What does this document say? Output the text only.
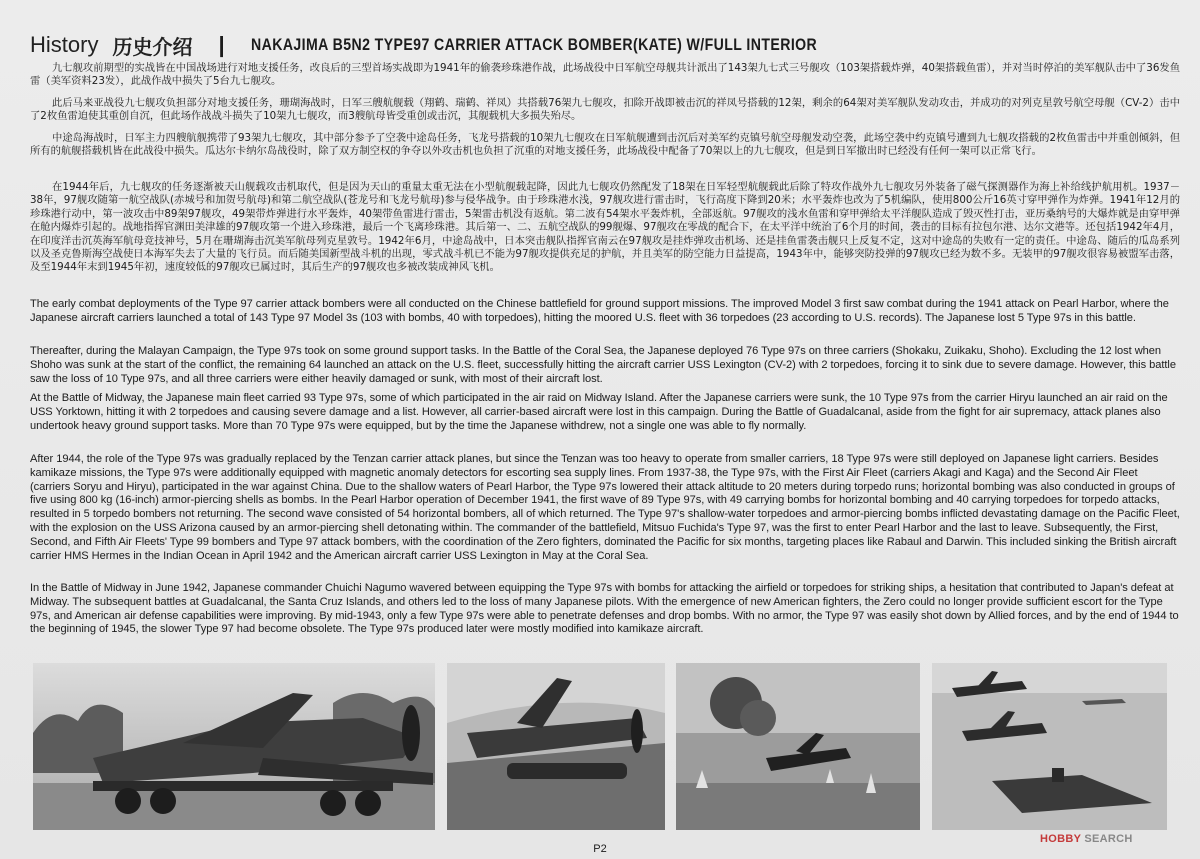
History 历史介绍 | NAKAJIMA B5N2 TYPE97 CARRIER ATTACK BOMBER(KATE) W/FULL INTERIOR

九七舰攻前期型的实战皆在中国战场进行对地支援任务，改良后的三型首场实战即为1941年的偷袭珍珠港作战，此场战役中日军航空母舰共计派出了143架九七式三号舰攻（103架搭载炸弹，40架搭载鱼雷），并对当时停泊的美军舰队击中了36发鱼雷（美军资料23发），此战作战中损失了5台九七舰攻。

此后马来亚战役九七舰攻负担部分对地支援任务，珊瑚海战时，日军三艘航舰载（翔鹤、瑞鹤、祥凤）共搭载76架九七舰攻，扣除开战即被击沉的祥凤号搭载的12架，剩余的64架对美军舰队发动攻击，并成功的对列克星敦号航空母舰（CV-2）击中了2枚鱼雷迫使其重创自沉，但此场作战战斗损失了10架九七舰攻，而3艘航母皆受重创或击沉，其舰载机大多损失殆尽。

中途岛海战时，日军主力四艘航舰携带了93架九七舰攻，其中部分参予了空袭中途岛任务，飞龙号搭载的10架九七舰攻在日军航舰遭到击沉后对美军约克镇号航空母舰发动空袭，此场空袭中约克镇号遭到九七舰攻搭载的2枚鱼雷击中并重创倾斜，但所有的航舰搭载机皆在此战役中损失。瓜达尔卡纳尔岛战役时，除了双方制空权的争夺以外攻击机也负担了沉重的对地支援任务，此场战役中配备了70架以上的九七舰攻，但是到日军撤出时已经没有任何一架可以正常飞行。

在1944年后，九七舰攻的任务逐渐被天山舰载攻击机取代，但是因为天山的重量太重无法在小型航舰载起降，因此九七舰攻仍然配发了18架在日军轻型航舰载此后除了特攻作战外九七舰攻另外装备了磁气探测器作为海上补给线护航用机。1937－38年，97舰攻随第一航空战队(赤城号和加贺号航母)和第二航空战队(苍龙号和飞龙号航母)参与侵华战争。由于珍珠港水浅，97舰攻进行雷击时，飞行高度下降到20米；水平轰炸也改为了5机编队，使用800公斤16英寸穿甲弹作为炸弹。1941年12月的珍珠港行动中，第一波攻击中89架97舰攻，49架带炸弹进行水平轰炸，40架带鱼雷进行雷击，5架雷击机没有返航。第二波有54架水平轰炸机，全部返航。97舰攻的浅水鱼雷和穿甲弹给太平洋舰队造成了毁灭性打击，亚历桑纳号的大爆炸就是由穿甲弹在舱内爆炸引起的。战地指挥官渊田美津雄的97舰攻第一个进入珍珠港，最后一个飞离珍珠港。其后第一、二、五航空战队的99舰爆、97舰攻在零战的配合下，在太平洋中统治了6个月的时间，袭击的目标有拉包尔港、达尔文港等。还包括1942年4月，在印度洋击沉英海军航母竞技神号，5月在珊瑚海击沉美军航母列克星敦号。1942年6月，中途岛战中，日本突击舰队指挥官南云在97舰攻是挂炸弹攻击机场、还是挂鱼雷袭击舰只上反复不定，这对中途岛的失败有一定的责任。中途岛、随后的瓜岛系列以及圣克鲁斯海空战使日本海军失去了大量的飞行员。而后随美国新型战斗机的出现，零式战斗机已不能为97舰攻提供充足的护航，并且美军的防空能力日益提高，1943年中，能够突防投弹的97舰攻已经为数不多。无装甲的97舰攻很容易被盟军击落，及至1944年末到1945年初，速度较低的97舰攻已属过时，其后生产的97舰攻也多被改装成神风飞机。

The early combat deployments of the Type 97 carrier attack bombers were all conducted on the Chinese battlefield for ground support missions. The improved Model 3 first saw combat during the 1941 attack on Pearl Harbor, where the Japanese aircraft carriers launched a total of 143 Type 97 Model 3s (103 with bombs, 40 with torpedoes), hitting the moored U.S. fleet with 36 torpedoes (23 according to U.S. records). The Japanese lost 5 Type 97s in this battle.

Thereafter, during the Malayan Campaign, the Type 97s took on some ground support tasks. In the Battle of the Coral Sea, the Japanese deployed 76 Type 97s on three carriers (Shokaku, Zuikaku, Shoho). Excluding the 12 lost when Shoho was sunk at the start of the conflict, the remaining 64 launched an attack on the U.S. fleet, successfully hitting the aircraft carrier USS Lexington (CV-2) with 2 torpedoes, forcing it to sink due to severe damage. However, this battle saw the loss of 10 Type 97s, and all three carriers were either heavily damaged or sunk, with most of their aircraft lost.

At the Battle of Midway, the Japanese main fleet carried 93 Type 97s, some of which participated in the air raid on Midway Island. After the Japanese carriers were sunk, the 10 Type 97s from the carrier Hiryu launched an air raid on the USS Yorktown, hitting it with 2 torpedoes and causing severe damage and a list. However, all carrier-based aircraft were lost in this campaign. During the Battle of Guadalcanal, aside from the fight for air supremacy, attack planes also undertook heavy ground support tasks. More than 70 Type 97s were equipped, but by the time the Japanese withdrew, not a single one was able to fly normally.

After 1944, the role of the Type 97s was gradually replaced by the Tenzan carrier attack planes, but since the Tenzan was too heavy to operate from smaller carriers, 18 Type 97s were still deployed on Japanese light carriers. Besides kamikaze missions, the Type 97s were additionally equipped with magnetic anomaly detectors for escorting sea supply lines. From 1937-38, the Type 97s, with the First Air Fleet (carriers Akagi and Kaga) and the Second Air Fleet (carriers Soryu and Hiryu), participated in the war against China. Due to the shallow waters of Pearl Harbor, the Type 97s lowered their attack altitude to 20 meters during torpedo runs; horizontal bombing was also conducted in groups of five using 800 kg (16-inch) armor-piercing shells as bombs. In the Pearl Harbor operation of December 1941, the first wave of 89 Type 97s, with 49 carrying bombs for horizontal bombing and 40 carrying torpedoes for torpedo attacks, resulted in 5 torpedo bombers not returning. The second wave consisted of 54 horizontal bombers, all of which returned. The Type 97's shallow-water torpedoes and armor-piercing bombs inflicted devastating damage on the Pacific Fleet, with the explosion on the USS Arizona caused by an armor-piercing shell detonating within. The commander of the battlefield, Mitsuo Fuchida's Type 97, was the first to enter Pearl Harbor and the last to leave. Subsequently, the First, Second, and Fifth Air Fleets' Type 99 bombers and Type 97 attack bombers, with the coordination of the Zero fighters, dominated the Pacific for six months, targeting places like Rabaul and Darwin. This included sinking the British aircraft carrier HMS Hermes in the Indian Ocean in April 1942 and the American aircraft carrier USS Lexington in May at the Coral Sea.

In the Battle of Midway in June 1942, Japanese commander Chuichi Nagumo wavered between equipping the Type 97s with bombs for attacking the airfield or torpedoes for striking ships, a hesitation that contributed to Japan's defeat at Midway. The subsequent battles at Guadalcanal, the Santa Cruz Islands, and others led to the loss of many Japanese pilots. With the emergence of new American fighters, the Zero could no longer provide sufficient escort for the Type 97s, and American air defense capabilities were improving. By mid-1943, only a few Type 97s were able to penetrate defenses and drop bombs. With no armor, the Type 97 was easily shot down by Allied forces, and by the end of 1944 to the beginning of 1945, the slower Type 97 had become obsolete. The Type 97s produced later were mostly modified into kamikaze aircraft.

P2
HOBBY SEARCH
